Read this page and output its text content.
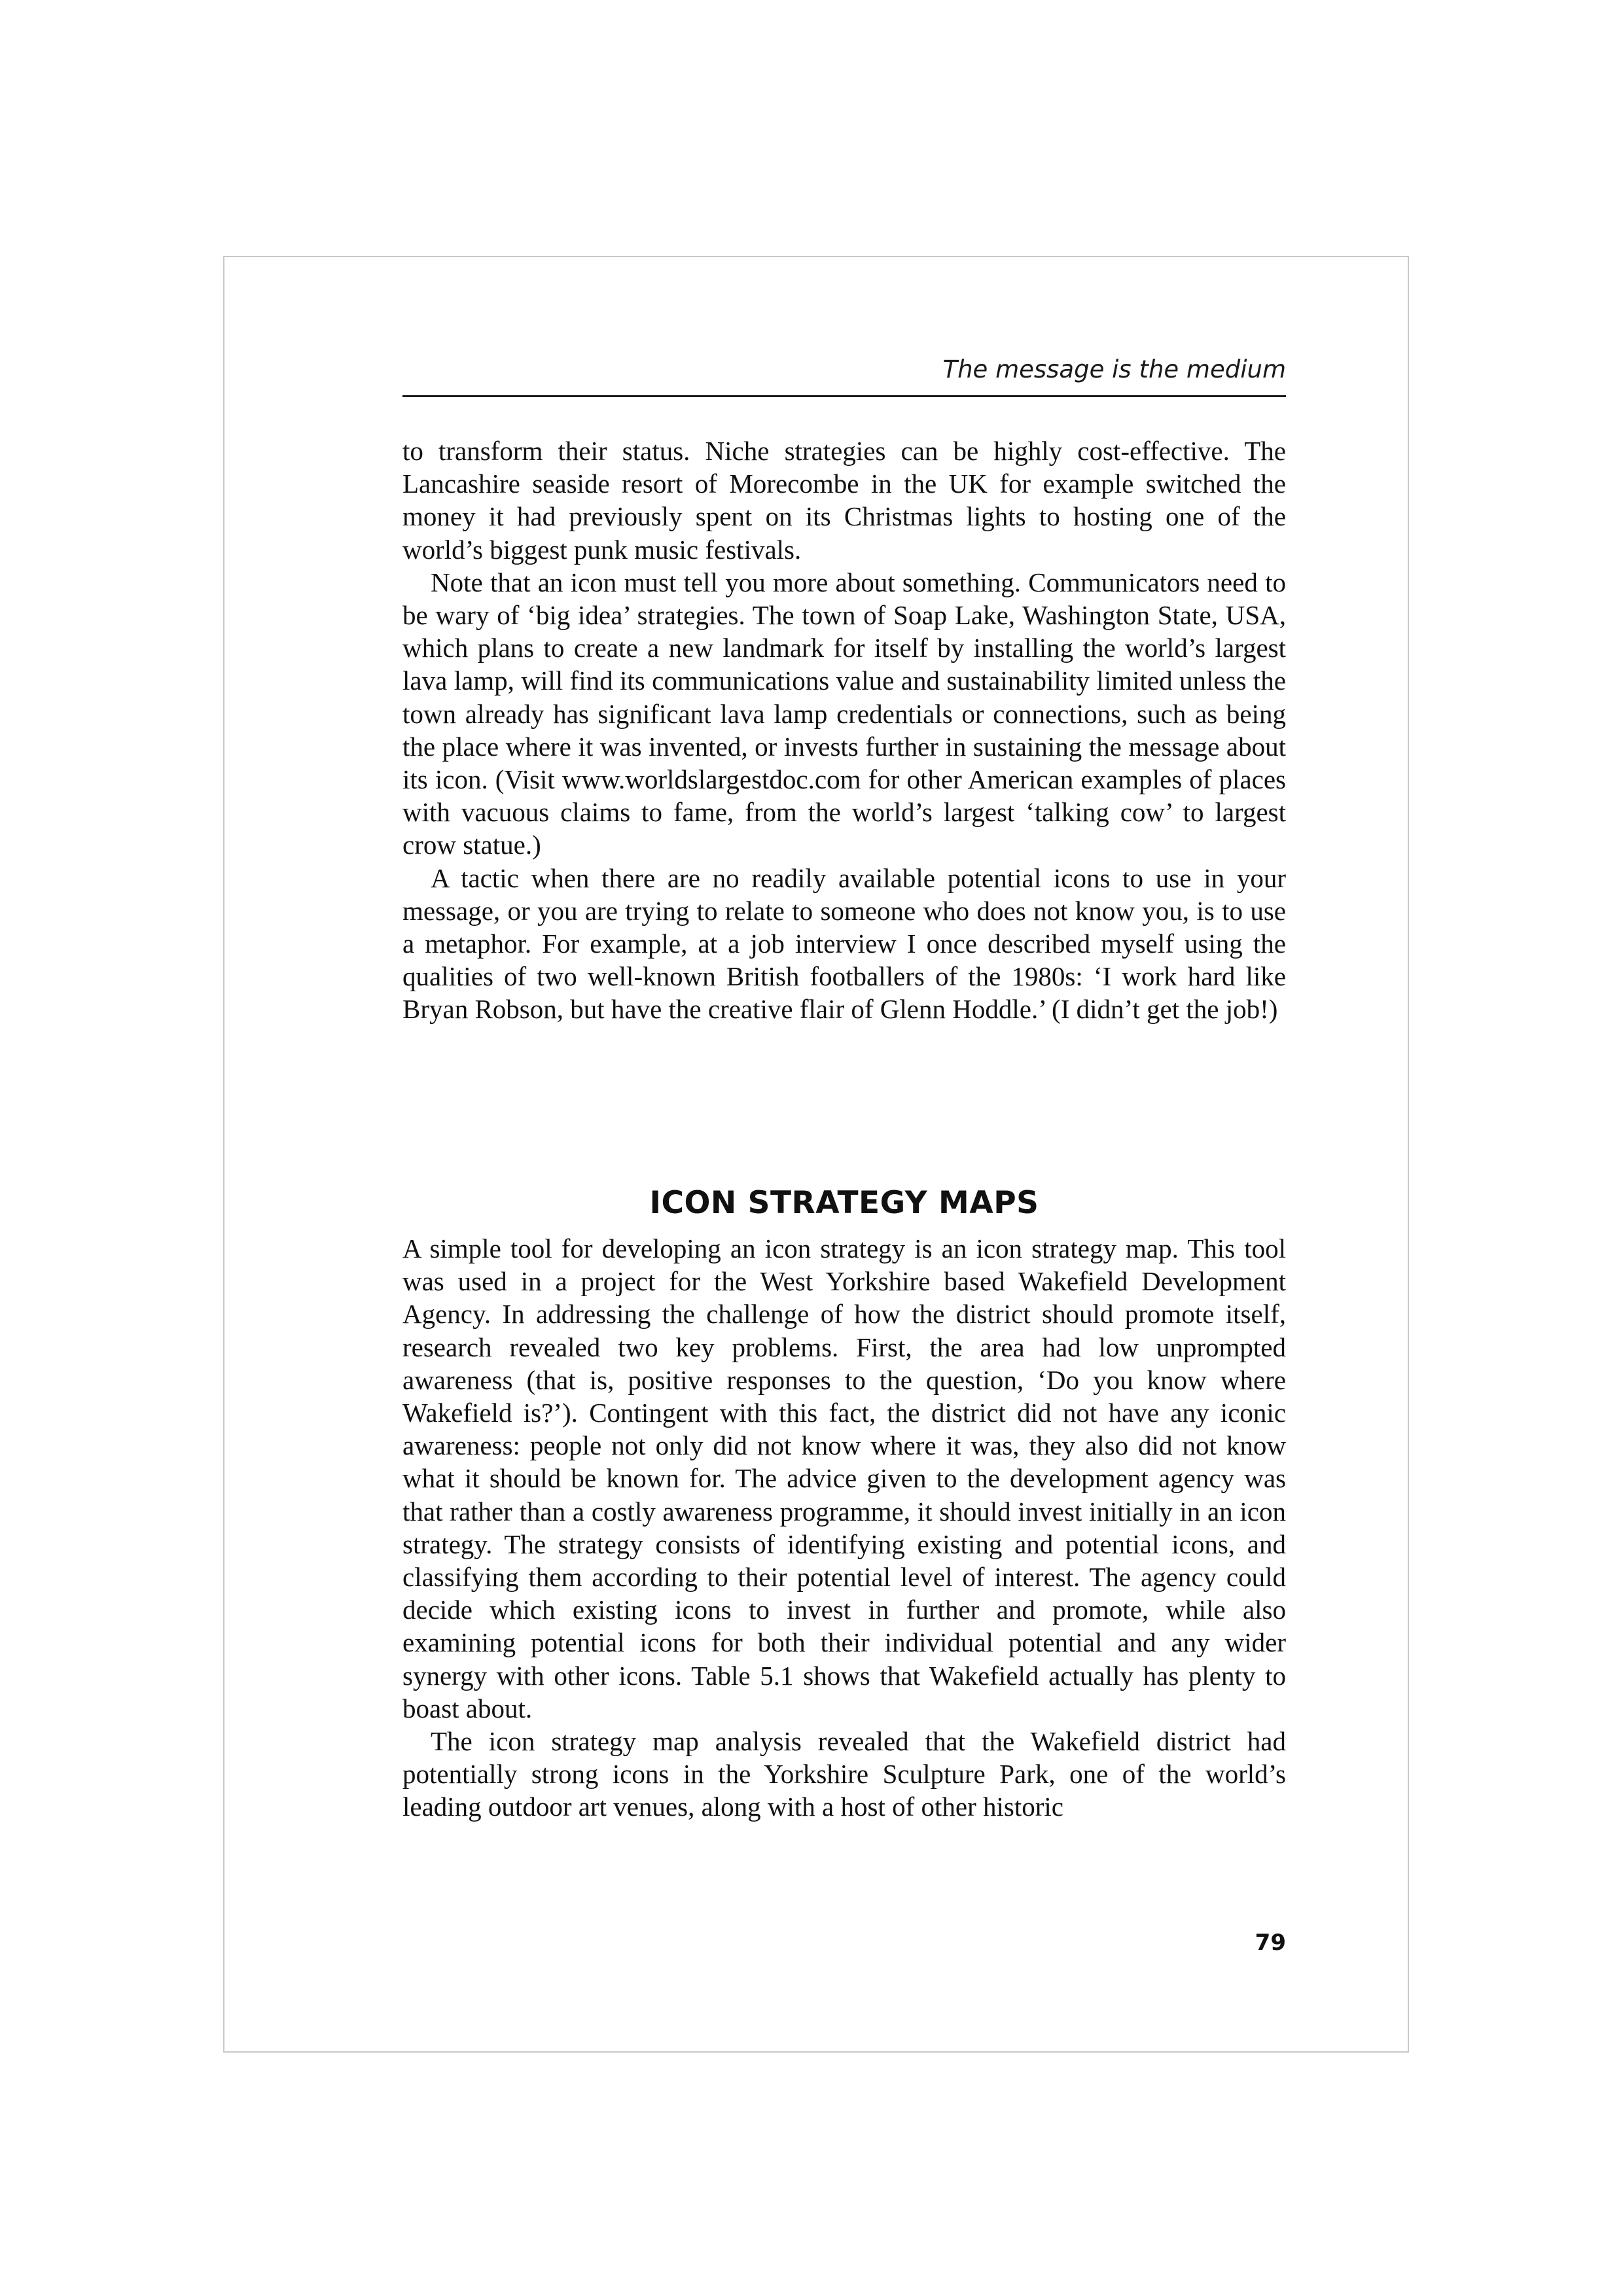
The message is the medium

to transform their status. Niche strategies can be highly cost-effective. The Lancashire seaside resort of Morecombe in the UK for example switched the money it had previously spent on its Christmas lights to hosting one of the world’s biggest punk music festivals.

Note that an icon must tell you more about something. Communicators need to be wary of ‘big idea’ strategies. The town of Soap Lake, Washington State, USA, which plans to create a new landmark for itself by installing the world’s largest lava lamp, will find its communications value and sustainability limited unless the town already has significant lava lamp credentials or connections, such as being the place where it was invented, or invests further in sustaining the message about its icon. (Visit www.worldslargestdoc.com for other American examples of places with vacuous claims to fame, from the world’s largest ‘talking cow’ to largest crow statue.)

A tactic when there are no readily available potential icons to use in your message, or you are trying to relate to someone who does not know you, is to use a metaphor. For example, at a job interview I once described myself using the qualities of two well-known British footballers of the 1980s: ‘I work hard like Bryan Robson, but have the creative flair of Glenn Hoddle.’ (I didn’t get the job!)

ICON STRATEGY MAPS

A simple tool for developing an icon strategy is an icon strategy map. This tool was used in a project for the West Yorkshire based Wakefield Development Agency. In addressing the challenge of how the district should promote itself, research revealed two key problems. First, the area had low unprompted awareness (that is, positive responses to the question, ‘Do you know where Wakefield is?’). Contingent with this fact, the district did not have any iconic awareness: people not only did not know where it was, they also did not know what it should be known for. The advice given to the development agency was that rather than a costly awareness programme, it should invest initially in an icon strategy. The strategy consists of identifying existing and potential icons, and classifying them according to their potential level of interest. The agency could decide which existing icons to invest in further and promote, while also examining potential icons for both their individual potential and any wider synergy with other icons. Table 5.1 shows that Wakefield actually has plenty to boast about.

The icon strategy map analysis revealed that the Wakefield district had potentially strong icons in the Yorkshire Sculpture Park, one of the world’s leading outdoor art venues, along with a host of other historic

79
